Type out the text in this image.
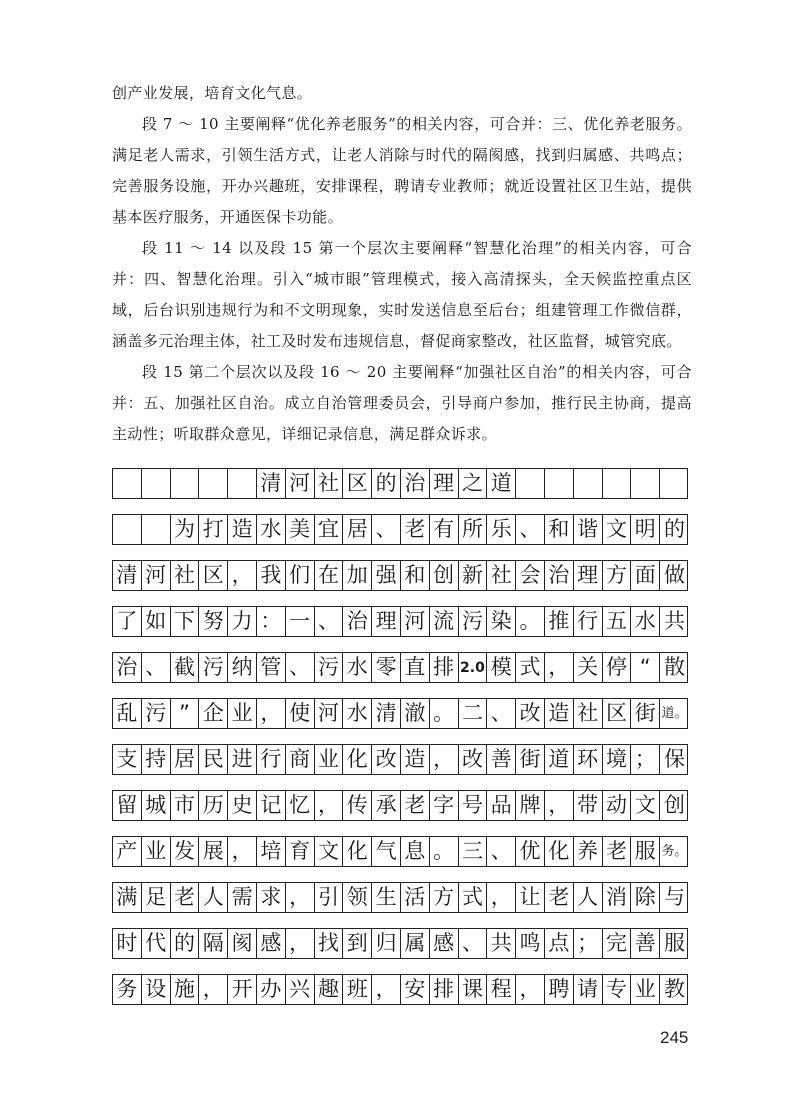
创产业发展，培育文化气息。

段 7 ～ 10 主要阐释“优化养老服务”的相关内容，可合并：三、优化养老服务。满足老人需求，引领生活方式，让老人消除与时代的隔阂感，找到归属感、共鸣点；完善服务设施，开办兴趣班，安排课程，聘请专业教师；就近设置社区卫生站，提供基本医疗服务，开通医保卡功能。

段 11 ～ 14 以及段 15 第一个层次主要阐释“智慧化治理”的相关内容，可合并：四、智慧化治理。引入“城市眼”管理模式，接入高清探头，全天候监控重点区域，后台识别违规行为和不文明现象，实时发送信息至后台；组建管理工作微信群，涵盖多元治理主体，社工及时发布违规信息，督促商家整改，社区监督，城管究底。

段 15 第二个层次以及段 16 ～ 20 主要阐释“加强社区自治”的相关内容，可合并：五、加强社区自治。成立自治管理委员会，引导商户参加，推行民主协商，提高主动性；听取群众意见，详细记录信息，满足群众诉求。

清 河 社 区 的 治 理 之 道
为 打 造 水 美 宜 居 、 老 有 所 乐 、 和 谐 文 明 的
清 河 社 区 ， 我 们 在 加 强 和 创 新 社 会 治 理 方 面 做
了 如 下 努 力 ： 一 、 治 理 河 流 污 染 。 推 行 五 水 共
治 、 截 污 纳 管 、 污 水 零 直 排 2.0 模 式 ， 关 停 “ 散
乱 污 ” 企 业 ， 使 河 水 清 澈 。 二 、 改 造 社 区 街 道。
支 持 居 民 进 行 商 业 化 改 造 ， 改 善 街 道 环 境 ； 保
留 城 市 历 史 记 忆 ， 传 承 老 字 号 品 牌 ， 带 动 文 创
产 业 发 展 ， 培 育 文 化 气 息 。 三 、 优 化 养 老 服 务。
满 足 老 人 需 求 ， 引 领 生 活 方 式 ， 让 老 人 消 除 与
时 代 的 隔 阂 感 ， 找 到 归 属 感 、 共 鸣 点 ； 完 善 服
务 设 施 ， 开 办 兴 趣 班 ， 安 排 课 程 ， 聘 请 专 业 教
245
